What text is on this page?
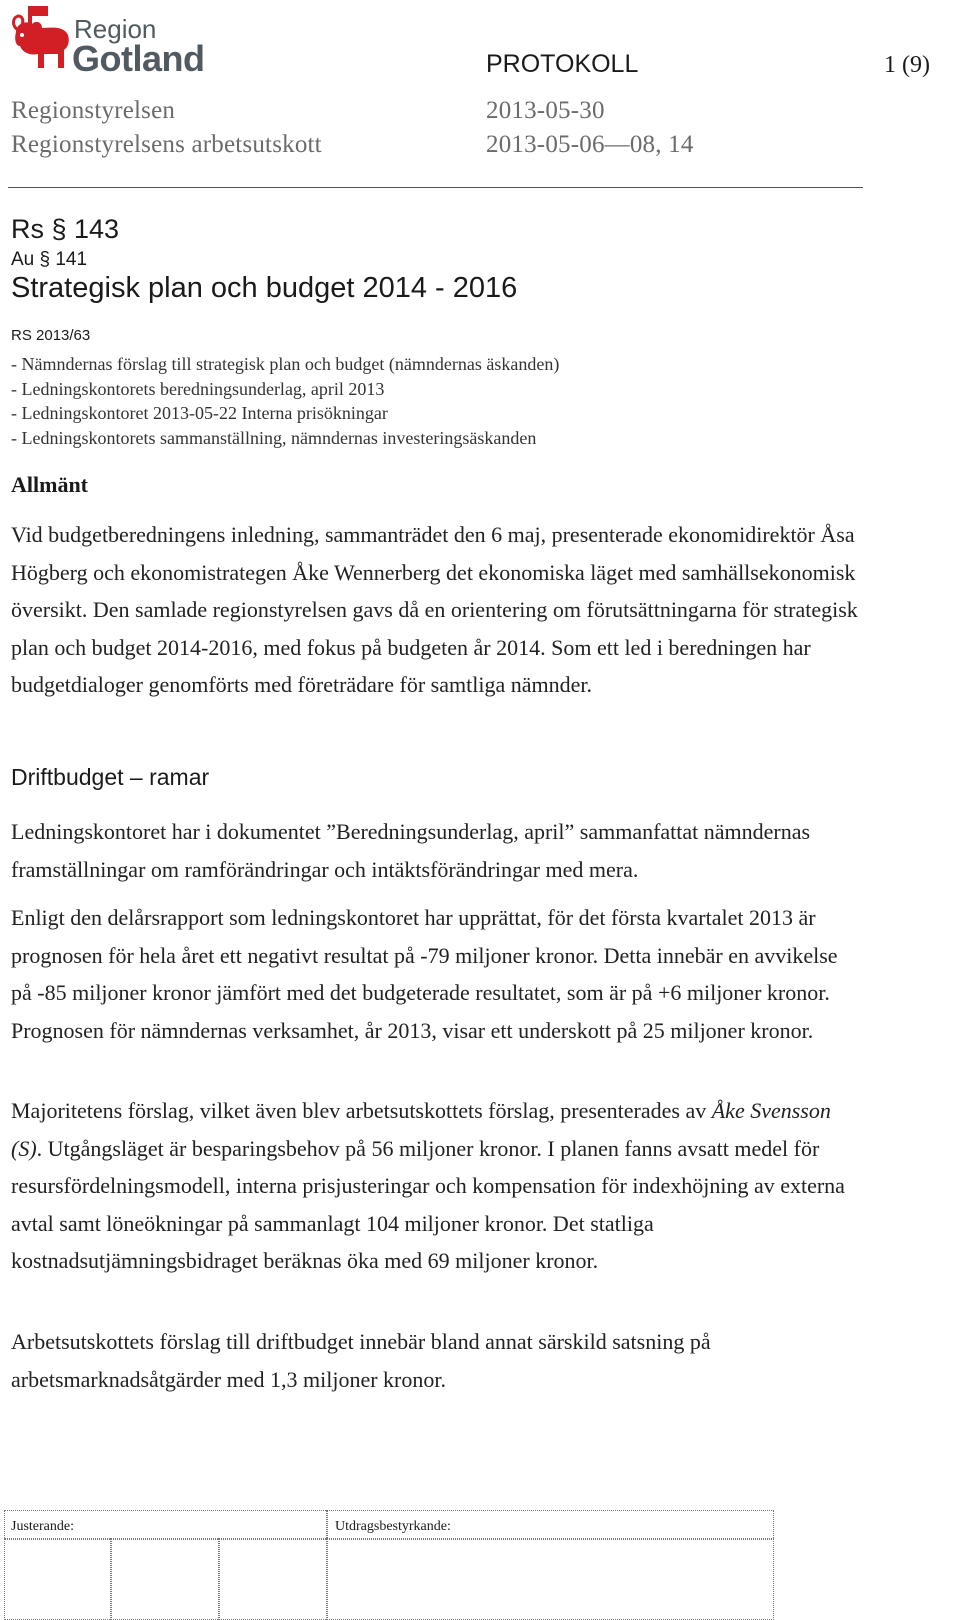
Region
Gotland	PROTOKOLL	1 (9)
Regionstyrelsen
Regionstyrelsens arbetsutskott
2013-05-30
2013-05-06—08, 14
Rs § 143
Au § 141
Strategisk plan och budget 2014 - 2016
RS 2013/63
- Nämndernas förslag till strategisk plan och budget (nämndernas äskanden)
- Ledningskontorets beredningsunderlag, april 2013
- Ledningskontoret 2013-05-22 Interna prisökningar
- Ledningskontorets sammanställning, nämndernas investeringsäskanden
Allmänt
Vid budgetberedningens inledning, sammanträdet den 6 maj, presenterade ekonomidirektör Åsa Högberg och ekonomistrategen Åke Wennerberg det ekonomiska läget med samhällsekonomisk översikt. Den samlade regionstyrelsen gavs då en orientering om förutsättningarna för strategisk plan och budget 2014-2016, med fokus på budgeten år 2014. Som ett led i beredningen har budgetdialoger genomförts med företrädare för samtliga nämnder.
Driftbudget – ramar
Ledningskontoret har i dokumentet ”Beredningsunderlag, april” sammanfattat nämndernas framställningar om ramförändringar och intäktsförändringar med mera.
Enligt den delårsrapport som ledningskontoret har upprättat, för det första kvartalet 2013 är prognosen för hela året ett negativt resultat på -79 miljoner kronor. Detta innebär en avvikelse på -85 miljoner kronor jämfört med det budgeterade resultatet, som är på +6 miljoner kronor. Prognosen för nämndernas verksamhet, år 2013, visar ett underskott på 25 miljoner kronor.
Majoritetens förslag, vilket även blev arbetsutskottets förslag, presenterades av Åke Svensson (S). Utgångsläget är besparingsbehov på 56 miljoner kronor. I planen fanns avsatt medel för resursfördelningsmodell, interna prisjusteringar och kompensation för indexhöjning av externa avtal samt löneökningar på sammanlagt 104 miljoner kronor. Det statliga kostnadsutjämningsbidraget beräknas öka med 69 miljoner kronor.
Arbetsutskottets förslag till driftbudget innebär bland annat särskild satsning på arbetsmarknadsåtgärder med 1,3 miljoner kronor.
Justerande:	Utdragsbestyrkande:
